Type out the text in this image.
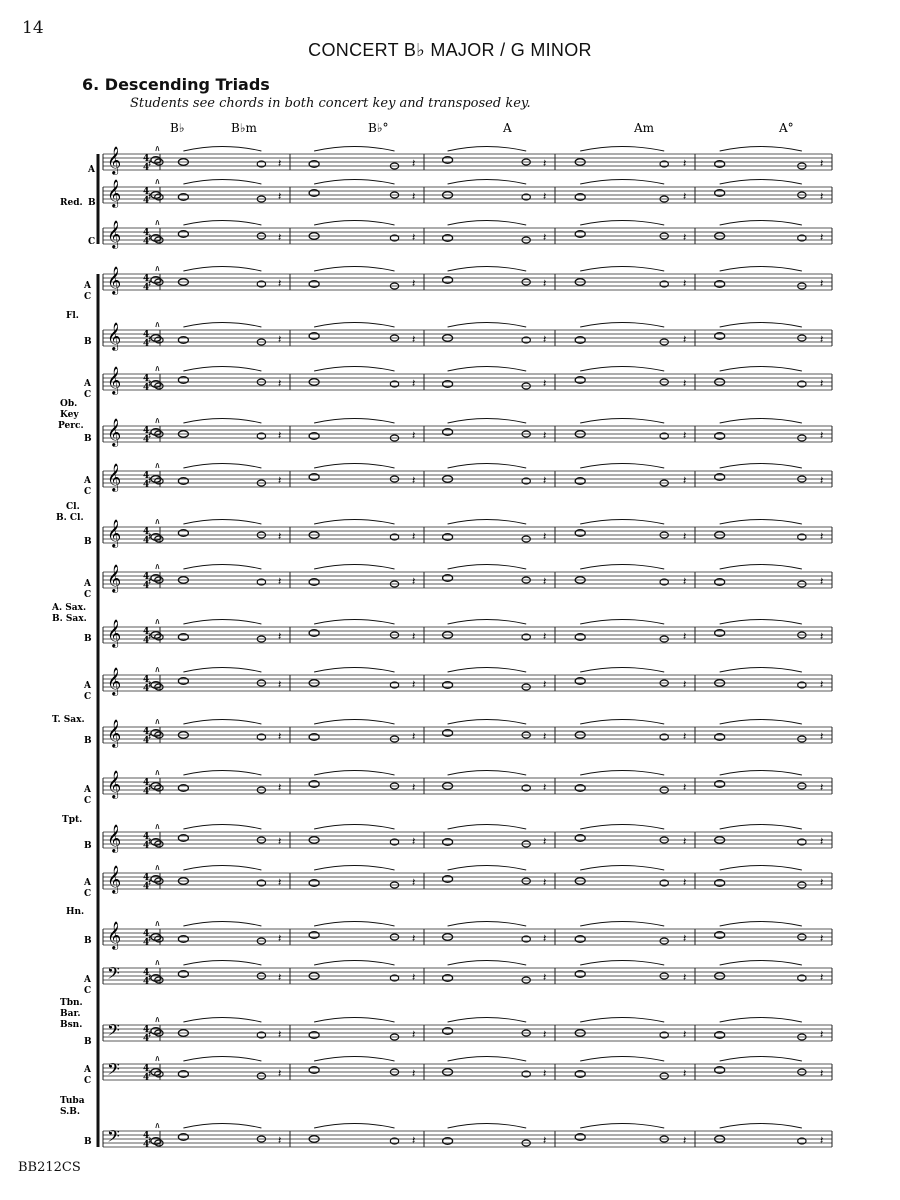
14
CONCERT B♭ MAJOR / G MINOR
6. Descending Triads
Students see chords in both concert key and transposed key.
B♭	B♭m	B♭°	A	Am	A°
Red.
Fl.
Ob.
Key
Perc.
Cl.
B. Cl.
A. Sax.
B. Sax.
T. Sax.
Tpt.
Hn.
Tbn.
Bar.
Bsn.
Tuba
S.B.
A
B
C
A
C
B
A
C
B
A
C
B
A
C
B
A
C
B
A
C
B
A
C
B
A
C
B
A
C
B
𝄞 4
4
𝄽	𝄽	𝄽	𝄽	𝄽	𝄽
𝄞 4
4
𝄽	𝄽	𝄽	𝄽	𝄽	𝄽
𝄞 4
4
𝄽	𝄽	𝄽	𝄽	𝄽	𝄽
𝄞 4
4
𝄽	𝄽	𝄽	𝄽	𝄽	𝄽
𝄞 4
4
𝄽	𝄽	𝄽	𝄽	𝄽	𝄽
𝄞 4
4
𝄽	𝄽	𝄽	𝄽	𝄽	𝄽
𝄞 4
4
𝄽	𝄽	𝄽	𝄽	𝄽	𝄽
𝄞 4
4
𝄽	𝄽	𝄽	𝄽	𝄽	𝄽
𝄞 4
4
𝄽	𝄽	𝄽	𝄽	𝄽	𝄽
𝄞 4
4
𝄽	𝄽	𝄽	𝄽	𝄽	𝄽
𝄞 4
4
𝄽	𝄽	𝄽	𝄽	𝄽	𝄽
𝄞 4
4
𝄽	𝄽	𝄽	𝄽	𝄽	𝄽
𝄞 4
4
𝄽	𝄽	𝄽	𝄽	𝄽	𝄽
𝄞 4
4
𝄽	𝄽	𝄽	𝄽	𝄽	𝄽
𝄞 4
4
𝄽	𝄽	𝄽	𝄽	𝄽	𝄽
𝄞 4
4
𝄽	𝄽	𝄽	𝄽	𝄽	𝄽
𝄞 4
4
𝄽	𝄽	𝄽	𝄽	𝄽	𝄽
𝄢	4
4
𝄽	𝄽	𝄽	𝄽	𝄽	𝄽
𝄢	4
4
𝄽	𝄽	𝄽	𝄽	𝄽	𝄽
𝄢	4
4
𝄽	𝄽	𝄽	𝄽	𝄽	𝄽
𝄢	4
4
𝄽	𝄽	𝄽	𝄽	𝄽	𝄽
BB212CS
